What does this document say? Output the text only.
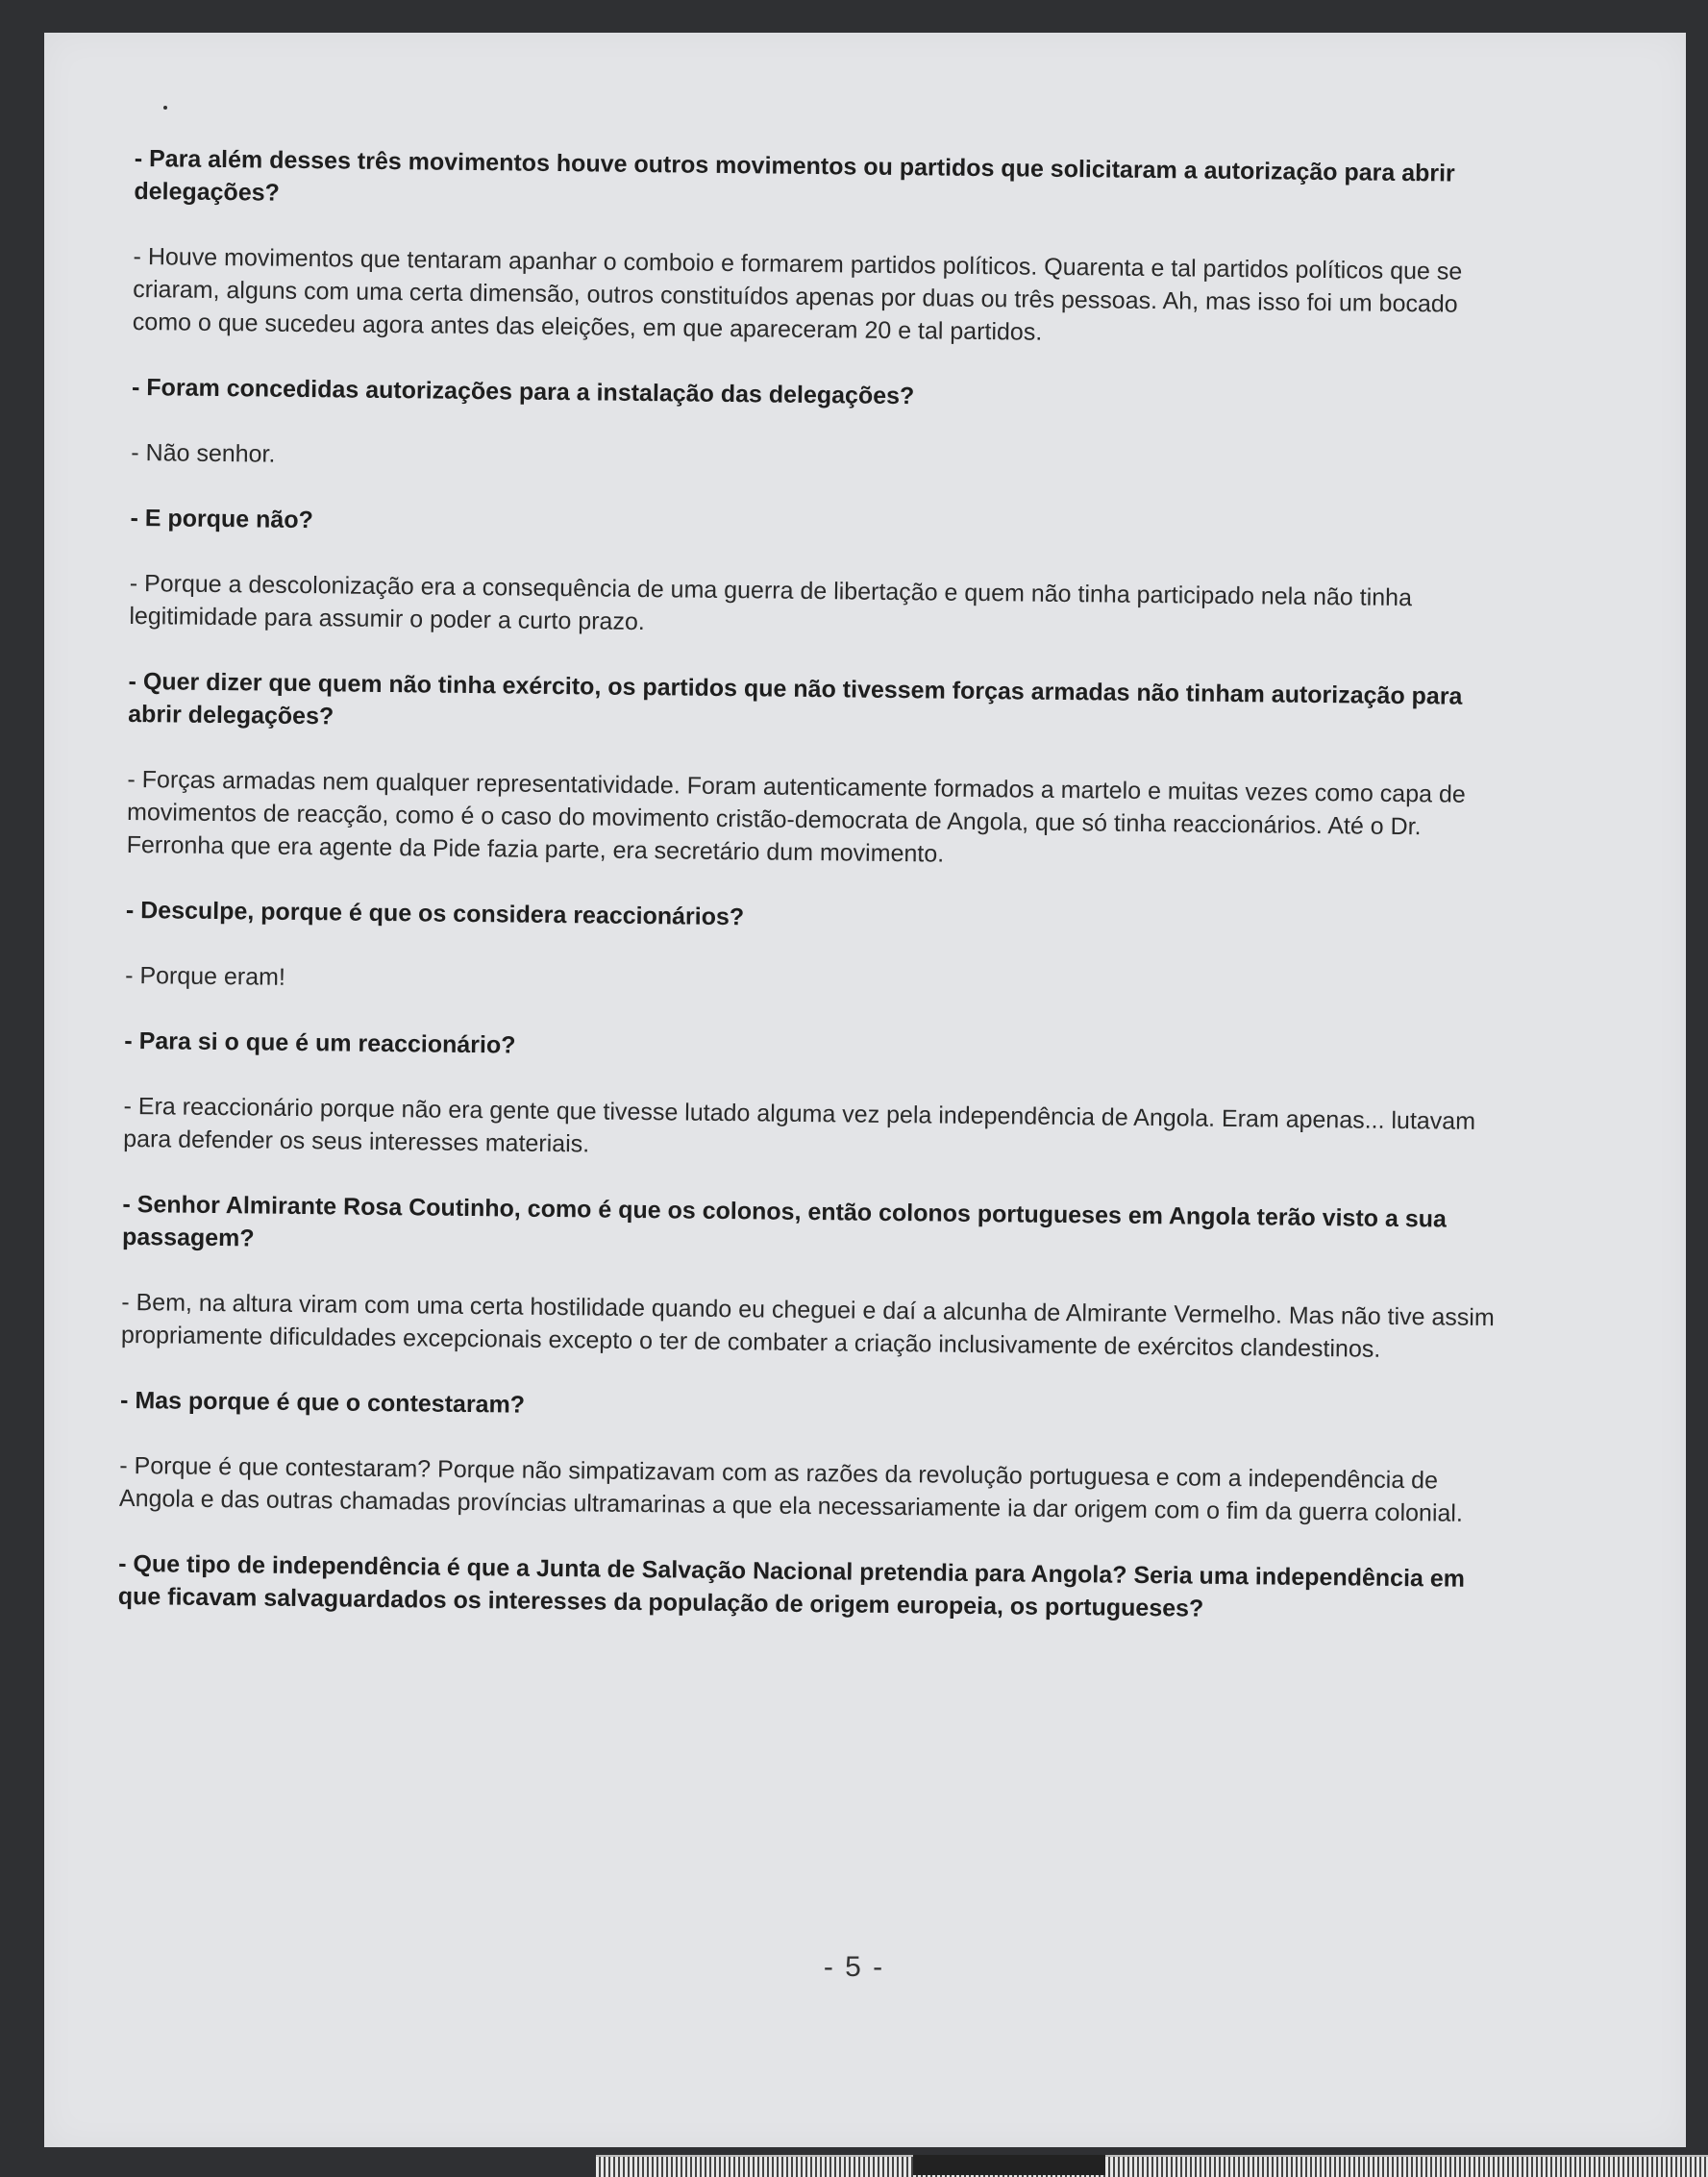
- Para além desses três movimentos houve outros movimentos ou partidos que solicitaram a autorização para abrir delegações?

- Houve movimentos que tentaram apanhar o comboio e formarem partidos políticos. Quarenta e tal partidos políticos que se criaram, alguns com uma certa dimensão, outros constituídos apenas por duas ou três pessoas. Ah, mas isso foi um bocado como o que sucedeu agora antes das eleições, em que apareceram 20 e tal partidos.

- Foram concedidas autorizações para a instalação das delegações?

- Não senhor.

- E porque não?

- Porque a descolonização era a consequência de uma guerra de libertação e quem não tinha participado nela não tinha legitimidade para assumir o poder a curto prazo.

- Quer dizer que quem não tinha exército, os partidos que não tivessem forças armadas não tinham autorização para abrir delegações?

- Forças armadas nem qualquer representatividade. Foram autenticamente formados a martelo e muitas vezes como capa de movimentos de reacção, como é o caso do movimento cristão-democrata de Angola, que só tinha reaccionários. Até o Dr. Ferronha que era agente da Pide fazia parte, era secretário dum movimento.

- Desculpe, porque é que os considera reaccionários?

- Porque eram!

- Para si o que é um reaccionário?

- Era reaccionário porque não era gente que tivesse lutado alguma vez pela independência de Angola. Eram apenas... lutavam para defender os seus interesses materiais.

- Senhor Almirante Rosa Coutinho, como é que os colonos, então colonos portugueses em Angola terão visto a sua passagem?

- Bem, na altura viram com uma certa hostilidade quando eu cheguei e daí a alcunha de Almirante Vermelho. Mas não tive assim propriamente dificuldades excepcionais excepto o ter de combater a criação inclusivamente de exércitos clandestinos.

- Mas porque é que o contestaram?

- Porque é que contestaram? Porque não simpatizavam com as razões da revolução portuguesa e com a independência de Angola e das outras chamadas províncias ultramarinas a que ela necessariamente ia dar origem com o fim da guerra colonial.

- Que tipo de independência é que a Junta de Salvação Nacional pretendia para Angola? Seria uma independência em que ficavam salvaguardados os interesses da população de origem europeia, os portugueses?

- 5 -
